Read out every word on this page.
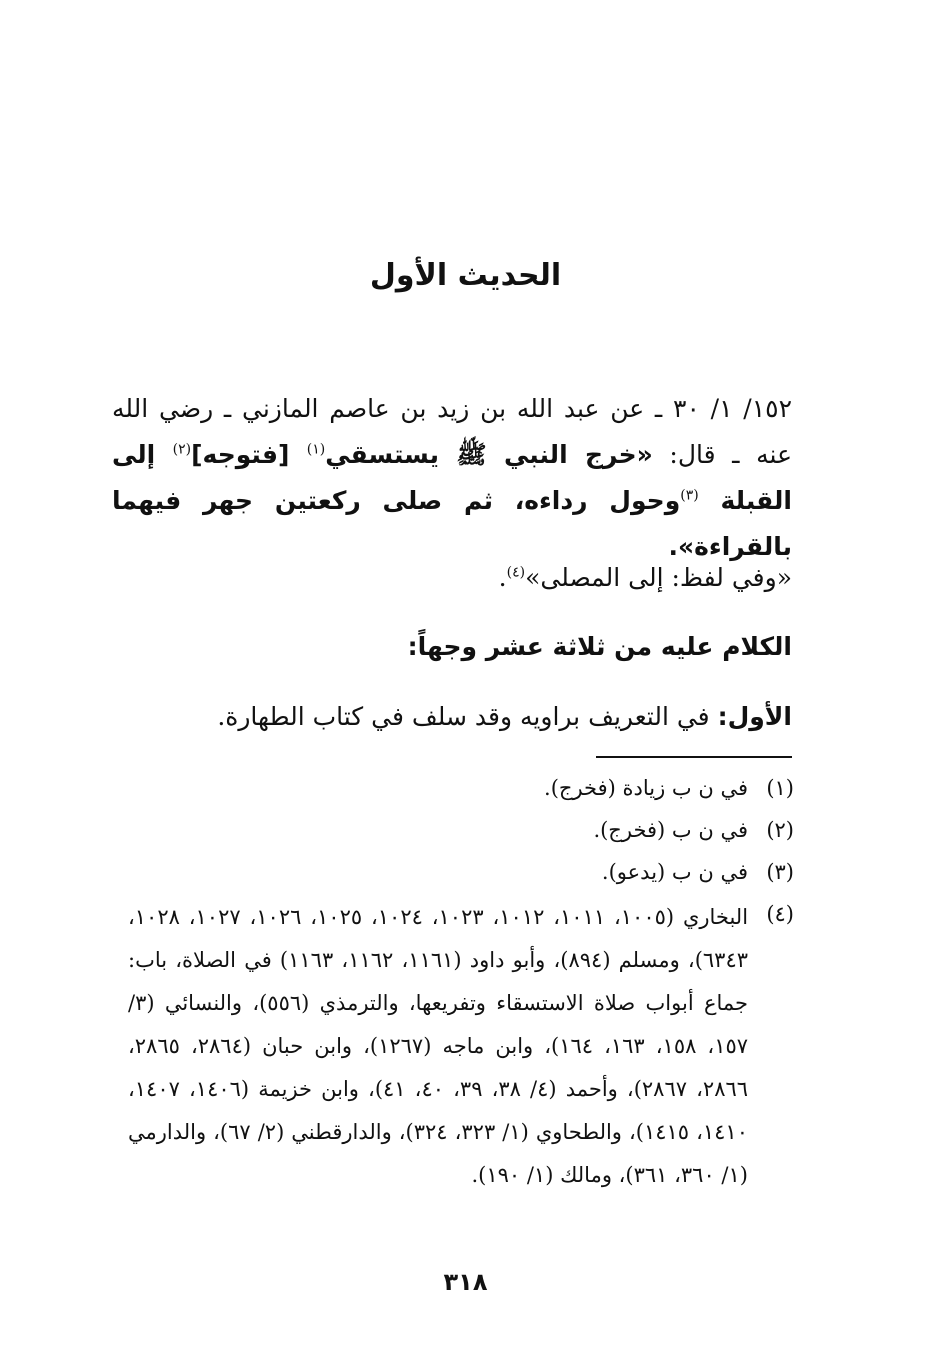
الحديث الأول

١٥٢/ ١/ ٣٠ ـ عن عبد الله بن زيد بن عاصم المازني ـ رضي الله عنه ـ قال: «خرج النبي ﷺ يستسقي$^{(١)}$ [فتوجه]$^{(٢)}$ إلى القبلة $^{(٣)}$وحول رداءه، ثم صلى ركعتين جهر فيهما بالقراءة».

«وفي لفظ: إلى المصلى»$^{(٤)}$.
الكلام عليه من ثلاثة عشر وجهاً:
الأول: في التعريف براويه وقد سلف في كتاب الطهارة.
(١)
في ن ب زيادة (فخرج).
(٢)
في ن ب (فخرج).
(٣)
في ن ب (يدعو).
(٤)
البخاري (١٠٠٥، ١٠١١، ١٠١٢، ١٠٢٣، ١٠٢٤، ١٠٢٥، ١٠٢٦، ١٠٢٧، ١٠٢٨، ٦٣٤٣)، ومسلم (٨٩٤)، وأبو داود (١١٦١، ١١٦٢، ١١٦٣) في الصلاة، باب: جماع أبواب صلاة الاستسقاء وتفريعها، والترمذي (٥٥٦)، والنسائي (٣/ ١٥٧، ١٥٨، ١٦٣، ١٦٤)، وابن ماجه (١٢٦٧)، وابن حبان (٢٨٦٤، ٢٨٦٥، ٢٨٦٦، ٢٨٦٧)، وأحمد (٤/ ٣٨، ٣٩، ٤٠، ٤١)، وابن خزيمة (١٤٠٦، ١٤٠٧، ١٤١٠، ١٤١٥)، والطحاوي (١/ ٣٢٣، ٣٢٤)، والدارقطني (٢/ ٦٧)، والدارمي (١/ ٣٦٠، ٣٦١)، ومالك (١/ ١٩٠).
٣١٨
